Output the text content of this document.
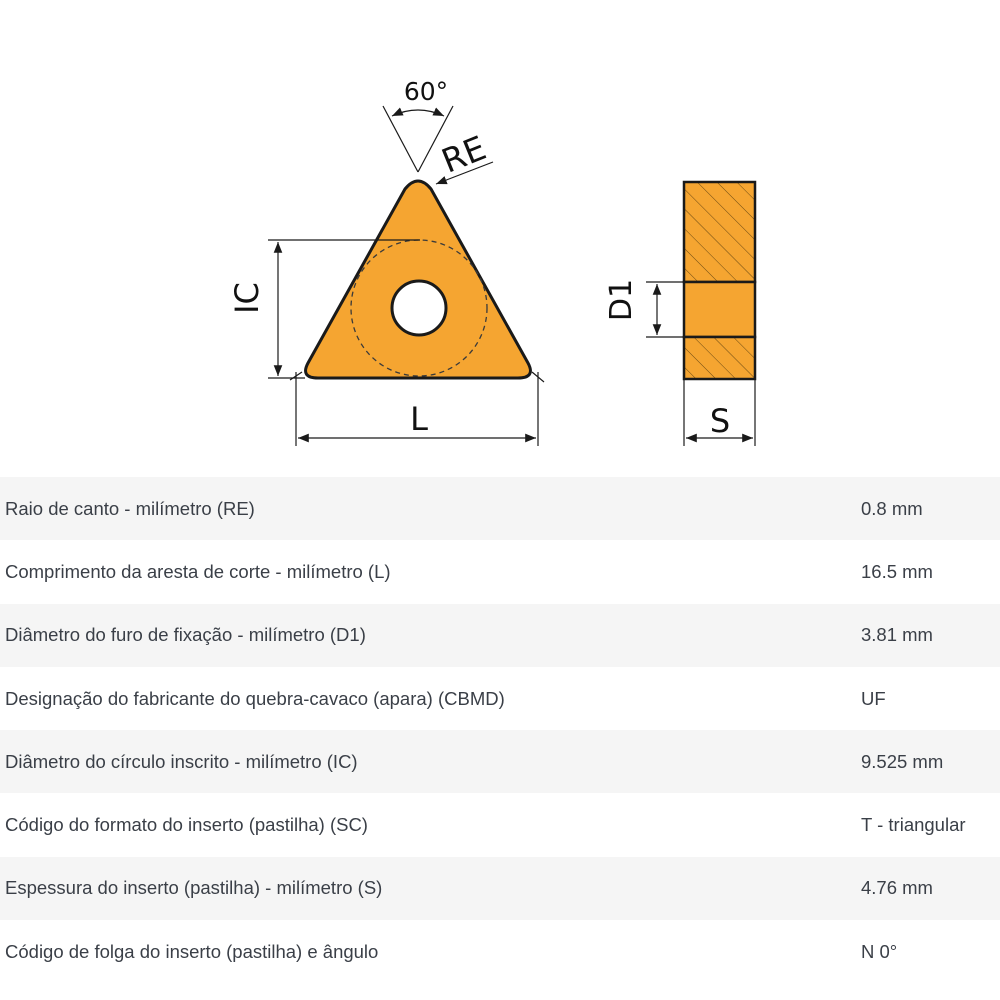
60°
RE
IC
L
D1
S
Raio de canto - milímetro (RE)	0.8 mm
Comprimento da aresta de corte - milímetro (L)	16.5 mm
Diâmetro do furo de fixação - milímetro (D1)	3.81 mm
Designação do fabricante do quebra-cavaco (apara) (CBMD)	UF
Diâmetro do círculo inscrito - milímetro (IC)	9.525 mm
Código do formato do inserto (pastilha) (SC)	T - triangular
Espessura do inserto (pastilha) - milímetro (S)	4.76 mm
Código de folga do inserto (pastilha) e ângulo	N 0°
